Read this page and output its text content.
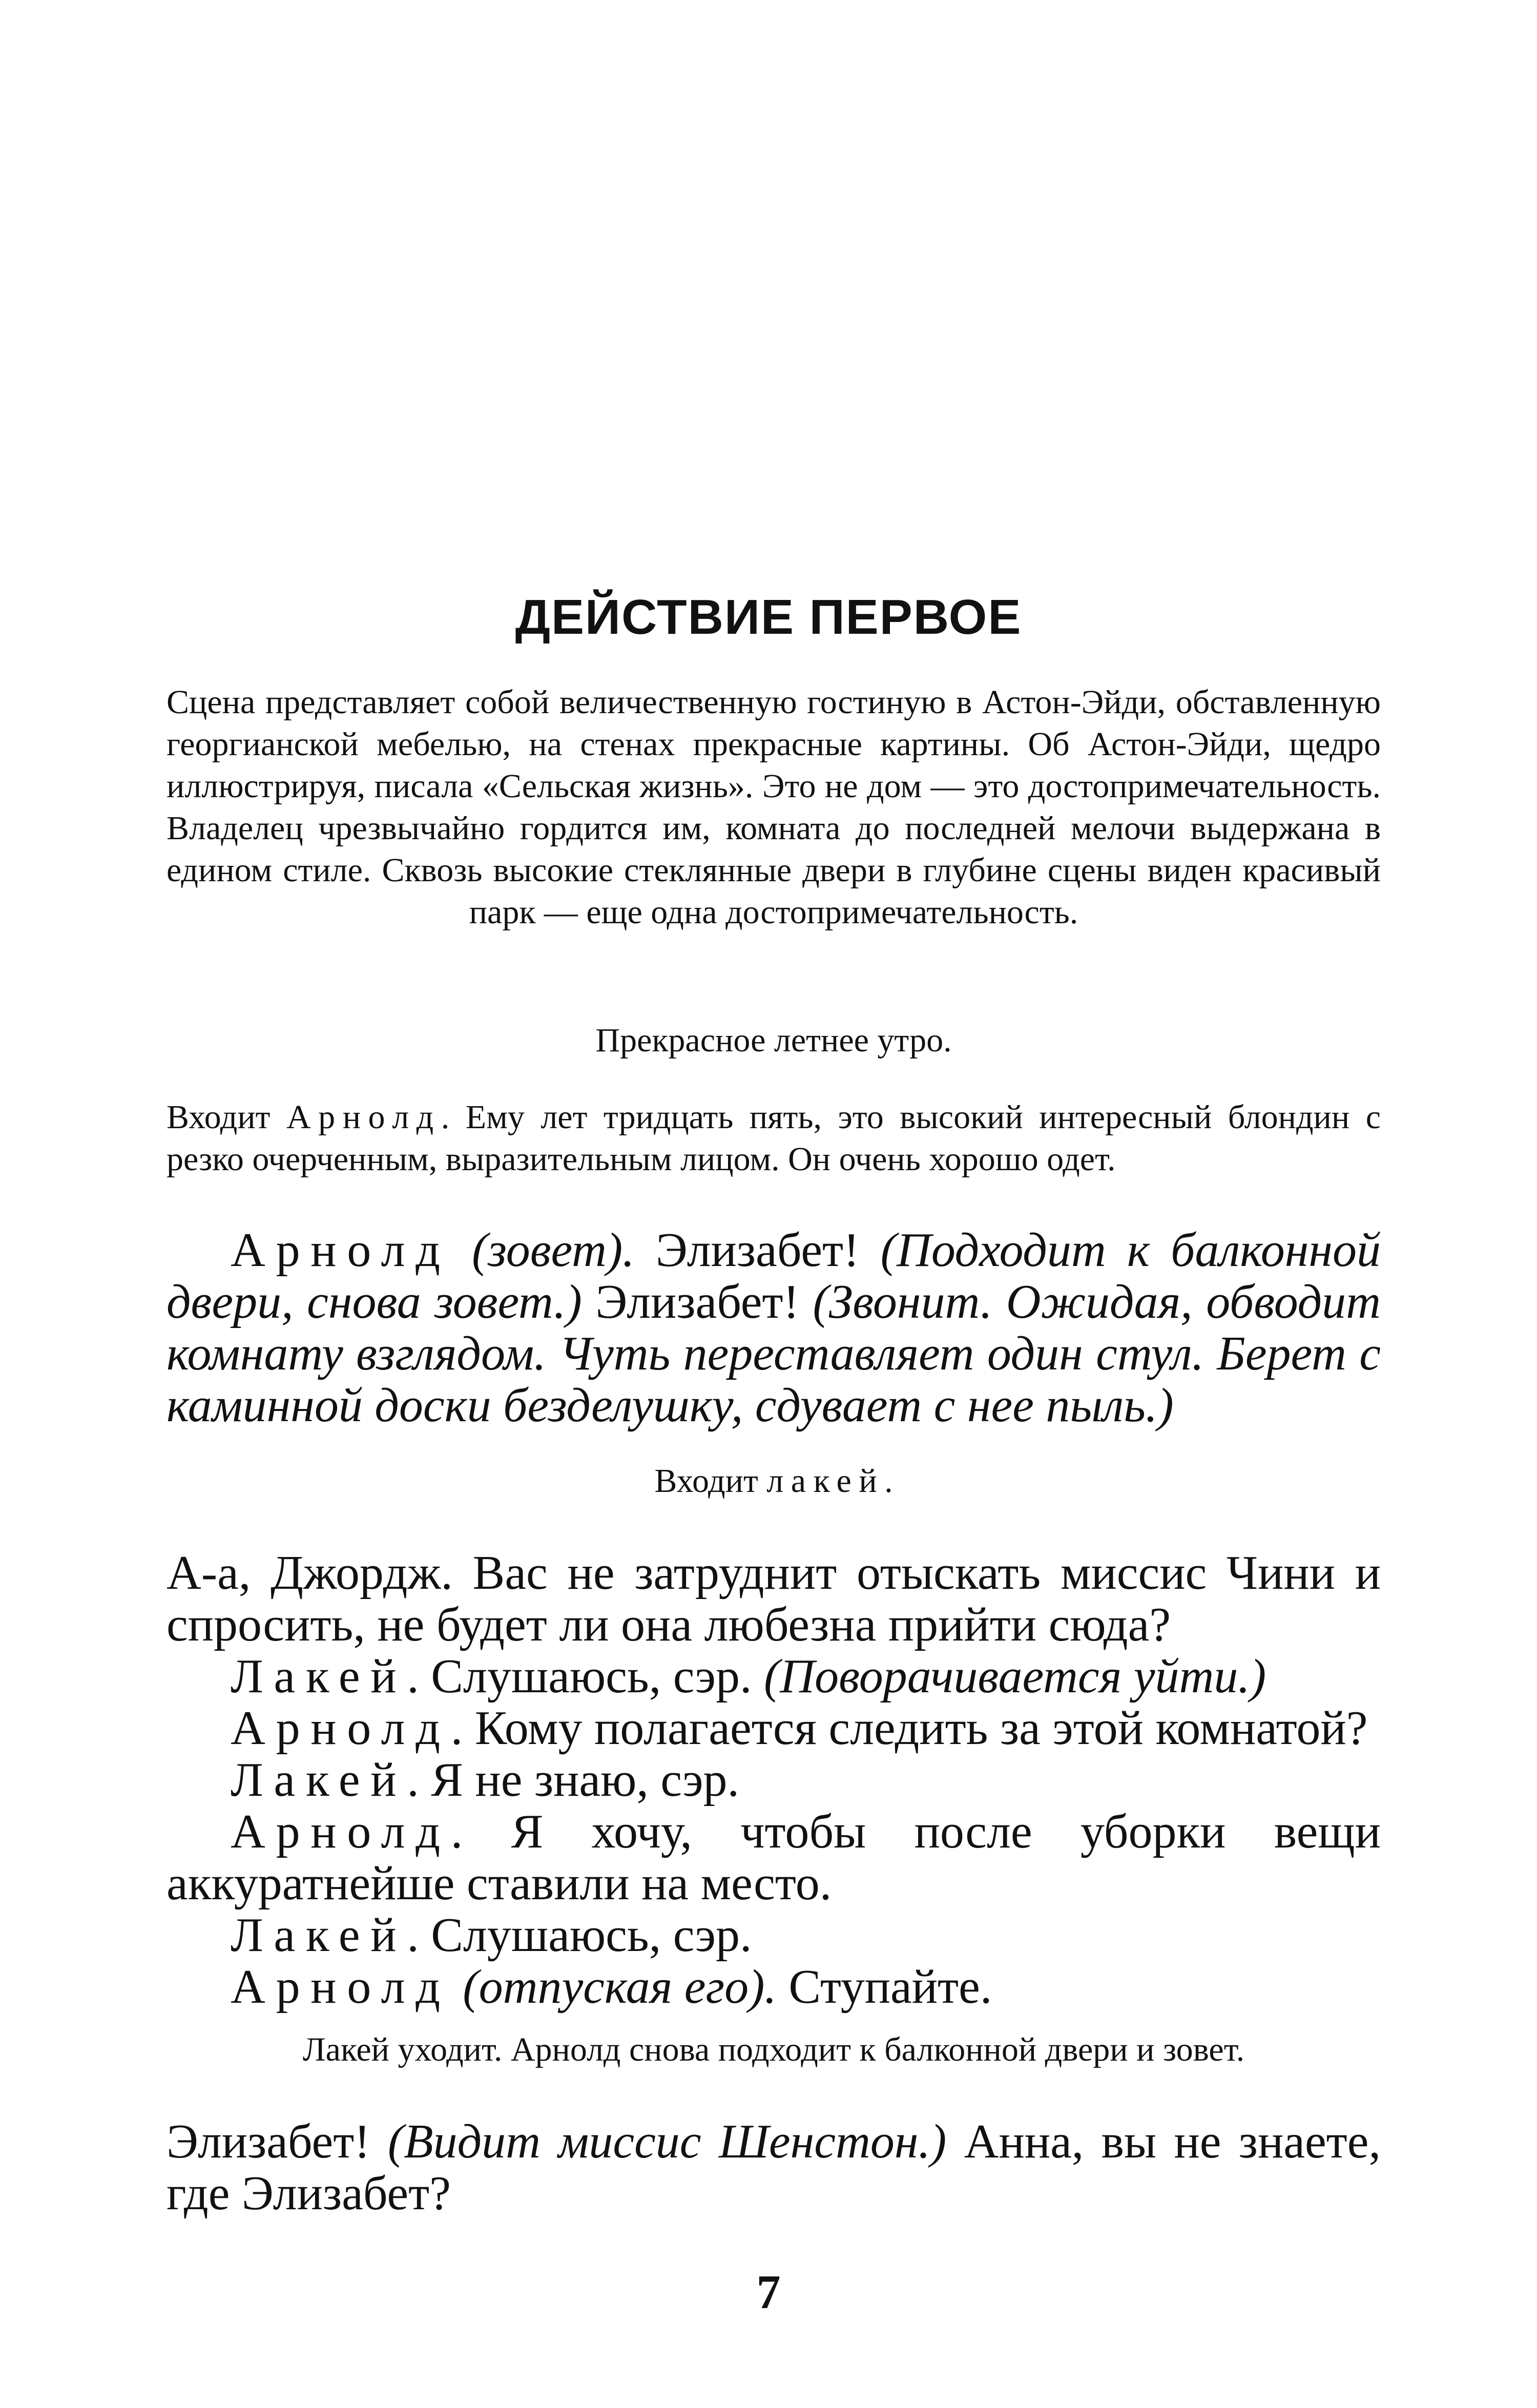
ДЕЙСТВИЕ ПЕРВОЕ
Сцена представляет собой величественную гостиную в Астон-Эйди, обставленную георгианской мебелью, на стенах прекрасные картины. Об Астон-Эйди, щедро иллюстрируя, писала «Сельская жизнь». Это не дом — это достопримечательность. Владелец чрезвычайно гордится им, комната до последней мелочи выдержана в едином стиле. Сквозь высокие стеклянные двери в глубине сцены виден красивый парк — еще одна достопримечательность.
Прекрасное летнее утро.
Входит Арнолд. Ему лет тридцать пять, это высокий интересный блондин с резко очерченным, выразительным лицом. Он очень хорошо одет.
Арнолд (зовет). Элизабет! (Подходит к балконной двери, снова зовет.) Элизабет! (Звонит. Ожидая, обводит комнату взглядом. Чуть переставляет один стул. Берет с каминной доски безделушку, сдувает с нее пыль.)
Входит лакей.

А-а, Джордж. Вас не затруднит отыскать миссис Чини и спросить, не будет ли она любезна прийти сюда?

Лакей. Слушаюсь, сэр. (Поворачивается уйти.)

Арнолд. Кому полагается следить за этой комнатой?

Лакей. Я не знаю, сэр.

Арнолд. Я хочу, чтобы после уборки вещи аккуратнейше ставили на место.

Лакей. Слушаюсь, сэр.

Арнолд (отпуская его). Ступайте.

Лакей уходит. Арнолд снова подходит к балконной двери и зовет.
Элизабет! (Видит миссис Шенстон.) Анна, вы не знаете, где Элизабет?
7
